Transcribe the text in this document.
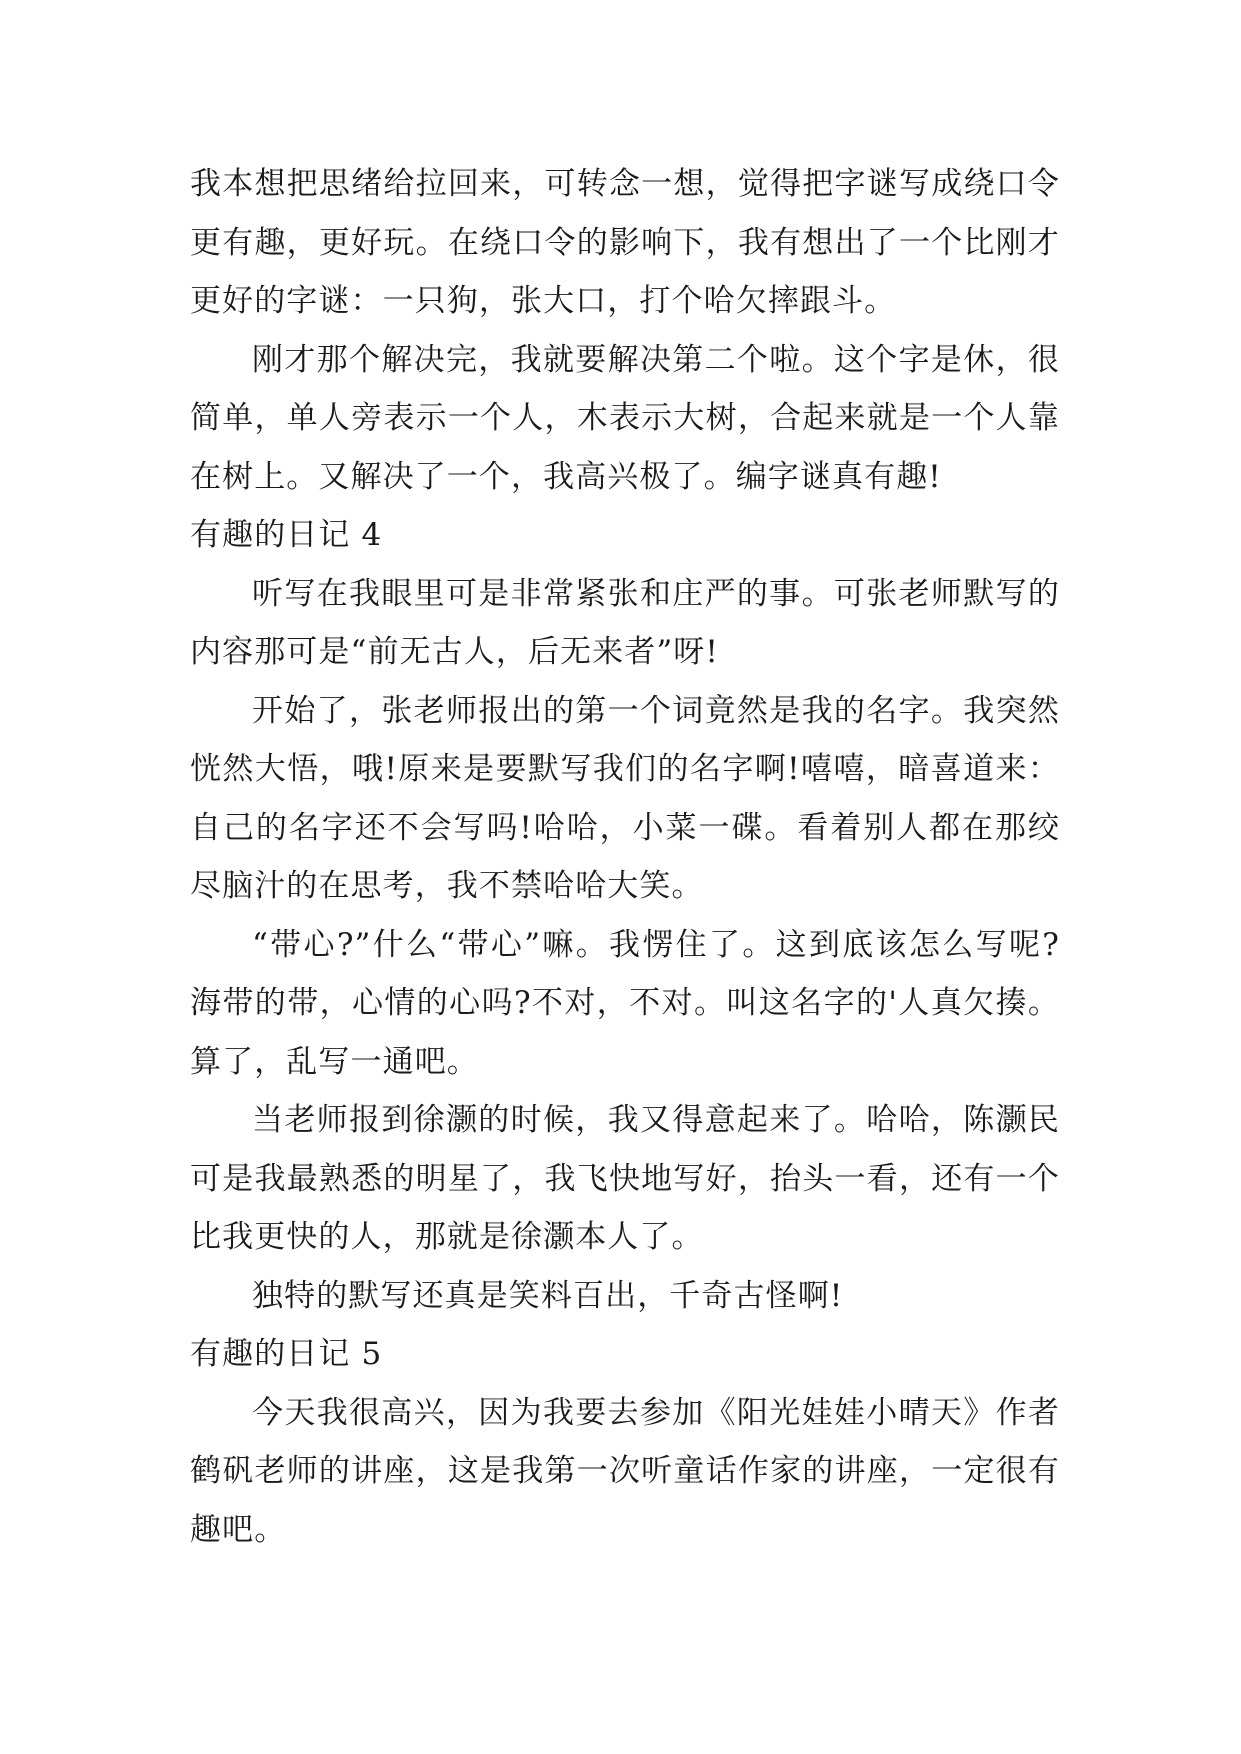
我本想把思绪给拉回来，可转念一想，觉得把字谜写成绕口令更有趣，更好玩。在绕口令的影响下，我有想出了一个比刚才更好的字谜：一只狗，张大口，打个哈欠摔跟斗。

刚才那个解决完，我就要解决第二个啦。这个字是休，很简单，单人旁表示一个人，木表示大树，合起来就是一个人靠在树上。又解决了一个，我高兴极了。编字谜真有趣!

有趣的日记 4

听写在我眼里可是非常紧张和庄严的事。可张老师默写的内容那可是“前无古人，后无来者”呀!

开始了，张老师报出的第一个词竟然是我的名字。我突然恍然大悟，哦!原来是要默写我们的名字啊!嘻嘻，暗喜道来：自己的名字还不会写吗!哈哈，小菜一碟。看着别人都在那绞尽脑汁的在思考，我不禁哈哈大笑。

“带心?”什么“带心”嘛。我愣住了。这到底该怎么写呢?海带的带，心情的心吗?不对，不对。叫这名字的'人真欠揍。算了，乱写一通吧。

当老师报到徐灏的时候，我又得意起来了。哈哈，陈灏民可是我最熟悉的明星了，我飞快地写好，抬头一看，还有一个比我更快的人，那就是徐灏本人了。

独特的默写还真是笑料百出，千奇古怪啊!

有趣的日记 5

今天我很高兴，因为我要去参加《阳光娃娃小晴天》作者鹤矾老师的讲座，这是我第一次听童话作家的讲座，一定很有趣吧。
